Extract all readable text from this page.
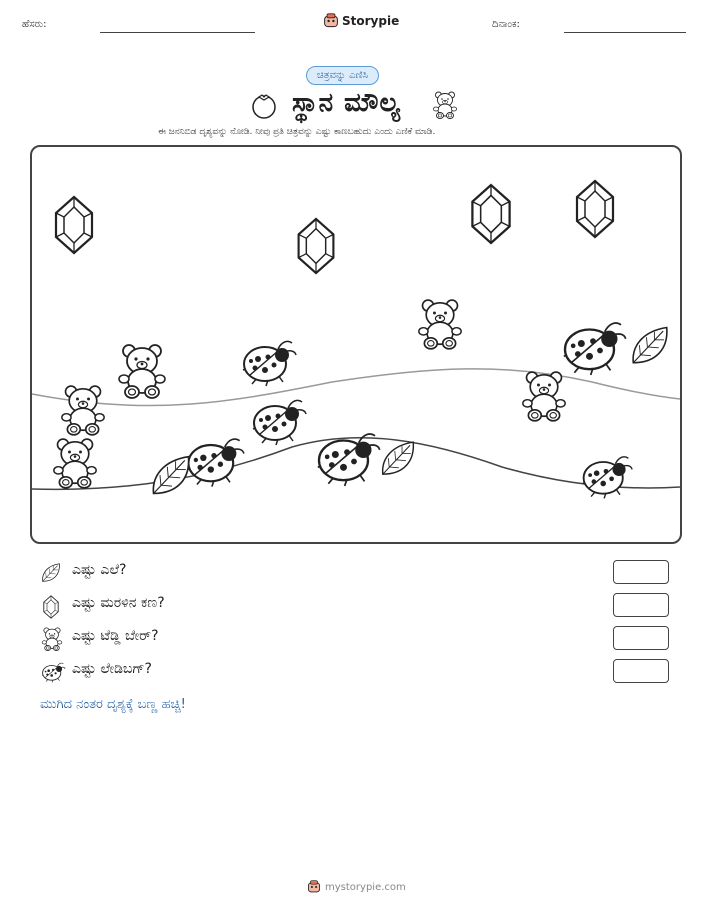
ಹೆಸರು:	Storypie	ದಿನಾಂಕ:
ಚಿತ್ರವನ್ನು ಎಣಿಸಿ
ಸ್ಥಾನ ಮೌಲ್ಯ
ಈ ಜನನಿಬಿಡ ದೃಶ್ಯವನ್ನು ನೋಡಿ. ನೀವು ಪ್ರತಿ ಚಿತ್ರವನ್ನು ಎಷ್ಟು ಕಾಣಬಹುದು ಎಂದು ಎಣಿಕೆ ಮಾಡಿ.
ಎಷ್ಟು ಎಲೆ?
ಎಷ್ಟು ಮರಳಿನ ಕಣ?
ಎಷ್ಟು ಟೆಡ್ಡಿ ಬೇರ್?
ಎಷ್ಟು ಲೇಡಿಬಗ್?
ಮುಗಿದ ನಂತರ ದೃಶ್ಯಕ್ಕೆ ಬಣ್ಣ ಹಚ್ಚಿ!
mystorypie.com
